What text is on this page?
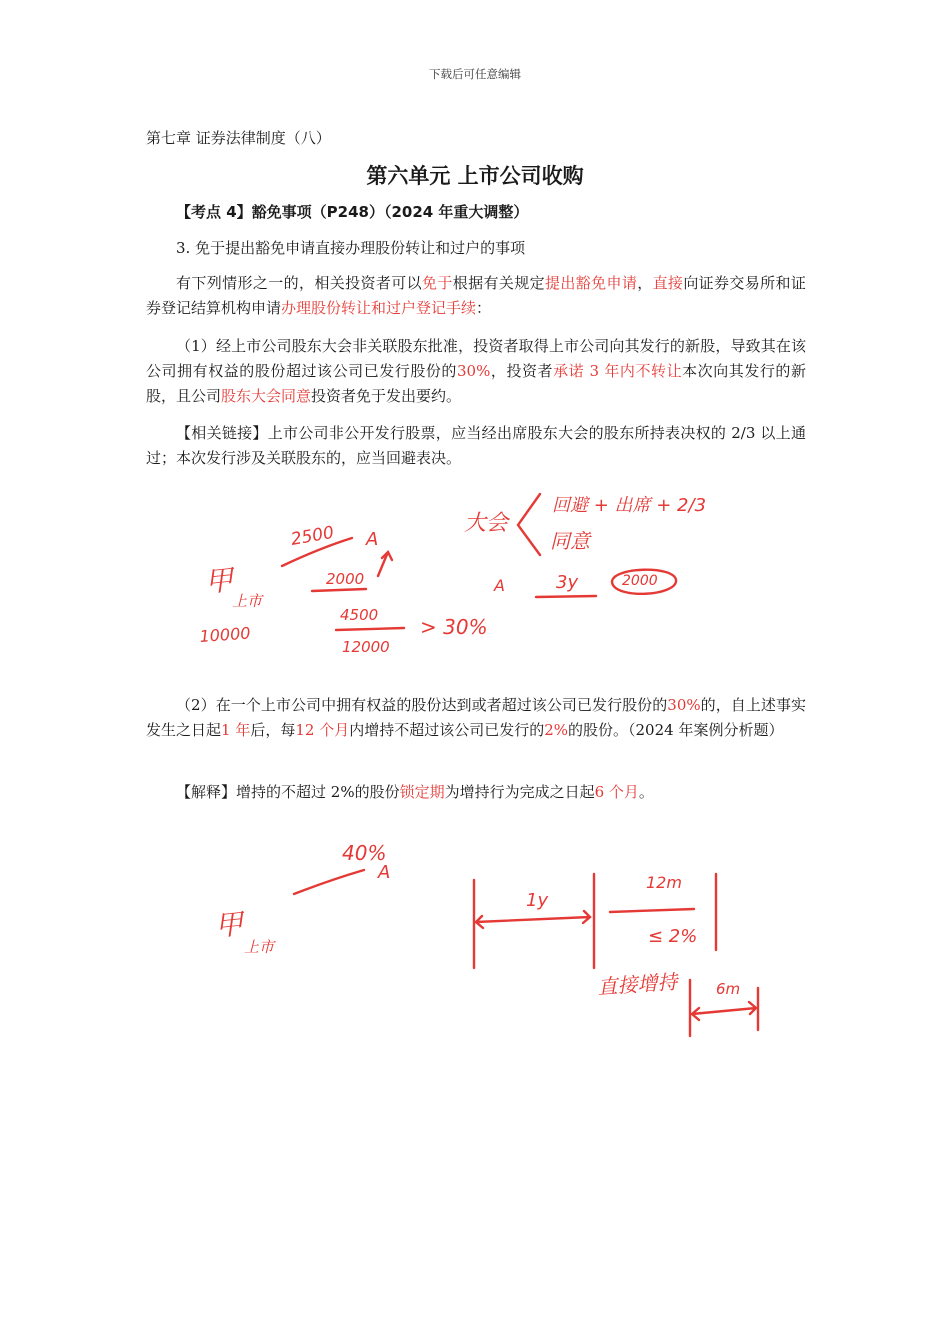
下载后可任意编辑
第七章 证券法律制度（八）
第六单元 上市公司收购
【考点 4】豁免事项（P248）（2024 年重大调整）
3. 免于提出豁免申请直接办理股份转让和过户的事项
有下列情形之一的，相关投资者可以免于根据有关规定提出豁免申请，直接向证券交易所和证券登记结算机构申请办理股份转让和过户登记手续：
（1）经上市公司股东大会非关联股东批准，投资者取得上市公司向其发行的新股，导致其在该公司拥有权益的股份超过该公司已发行股份的30%，投资者承诺 3 年内不转让本次向其发行的新股，且公司股东大会同意投资者免于发出要约。
【相关链接】上市公司非公开发行股票，应当经出席股东大会的股东所持表决权的 2/3 以上通过；本次发行涉及关联股东的，应当回避表决。
甲
上市
10000
2500 A
2000
4500
12000
> 30%
大会
回避 + 出席 + 2/3
同意
A	3y	2000
（2）在一个上市公司中拥有权益的股份达到或者超过该公司已发行股份的30%的，自上述事实发生之日起1 年后，每12 个月内增持不超过该公司已发行的2%的股份。（2024 年案例分析题）
【解释】增持的不超过 2%的股份锁定期为增持行为完成之日起6 个月。
40%
A
甲
上市
1y
12m
≤ 2%
直接增持	6m
